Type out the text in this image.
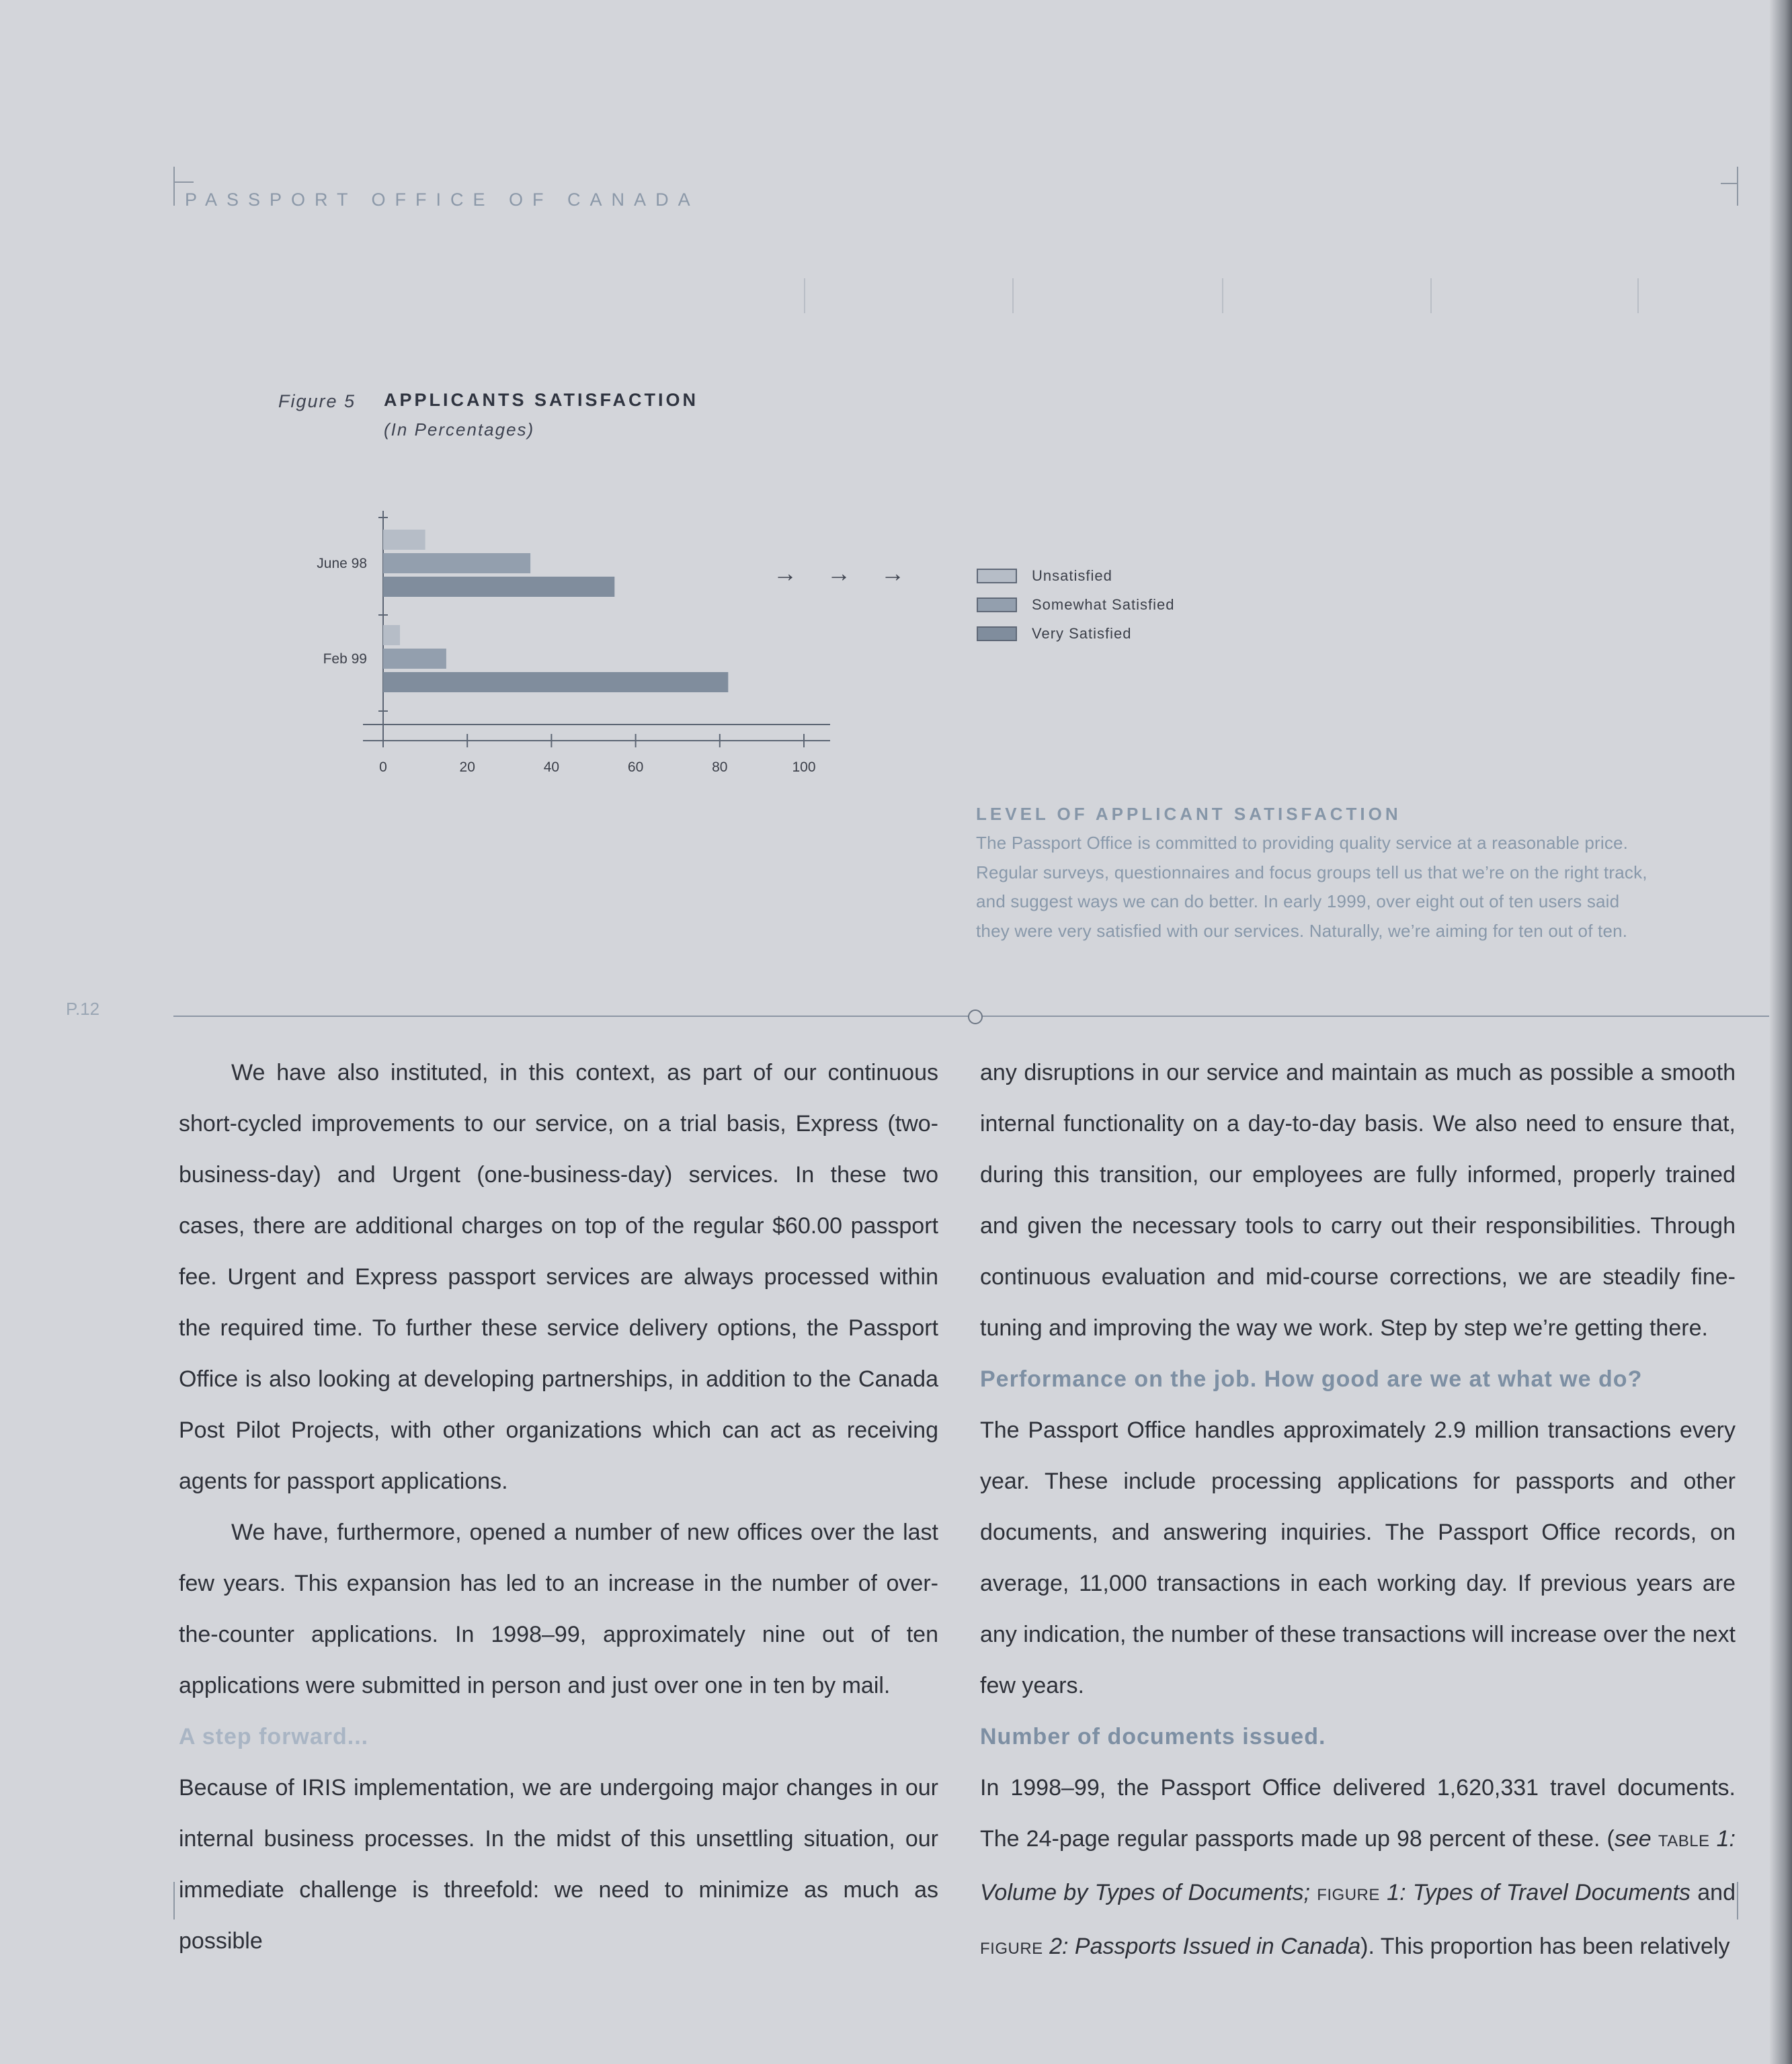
PASSPORT OFFICE OF CANADA
Figure 5 APPLICANTS SATISFACTION
(In Percentages)
0	20	40	60	80	100
June 98
Feb 99
→→→	Unsatisfied
Somewhat Satisfied
Very Satisfied
LEVEL OF APPLICANT SATISFACTION
The Passport Office is committed to providing quality service at a reasonable price. Regular surveys, questionnaires and focus groups tell us that we’re on the right track, and suggest ways we can do better. In early 1999, over eight out of ten users said they were very satisfied with our services. Naturally, we’re aiming for ten out of ten.
P.12

We have also instituted, in this context, as part of our continuous short-cycled improvements to our service, on a trial basis, Express (two-business-day) and Urgent (one-business-day) services. In these two cases, there are additional charges on top of the regular $60.00 passport fee. Urgent and Express passport services are always processed within the required time. To further these service delivery options, the Passport Office is also looking at developing partnerships, in addition to the Canada Post Pilot Projects, with other organizations which can act as receiving agents for passport applications.

We have, furthermore, opened a number of new offices over the last few years. This expansion has led to an increase in the number of over-the-counter applications. In 1998–99, approximately nine out of ten applications were submitted in person and just over one in ten by mail.

A step forward...

Because of IRIS implementation, we are undergoing major changes in our internal business processes. In the midst of this unsettling situation, our immediate challenge is threefold: we need to minimize as much as possible

any disruptions in our service and maintain as much as possible a smooth internal functionality on a day-to-day basis. We also need to ensure that, during this transition, our employees are fully informed, properly trained and given the necessary tools to carry out their responsibilities. Through continuous evaluation and mid-course corrections, we are steadily fine-tuning and improving the way we work. Step by step we’re getting there.

Performance on the job. How good are we at what we do?

The Passport Office handles approximately 2.9 million transactions every year. These include processing applications for passports and other documents, and answering inquiries. The Passport Office records, on average, 11,000 transactions in each working day. If previous years are any indication, the number of these transactions will increase over the next few years.

Number of documents issued.

In 1998–99, the Passport Office delivered 1,620,331 travel documents. The 24-page regular passports made up 98 percent of these. (see TABLE 1: Volume by Types of Documents; FIGURE 1: Types of Travel Documents and FIGURE 2: Passports Issued in Canada). This proportion has been relatively
